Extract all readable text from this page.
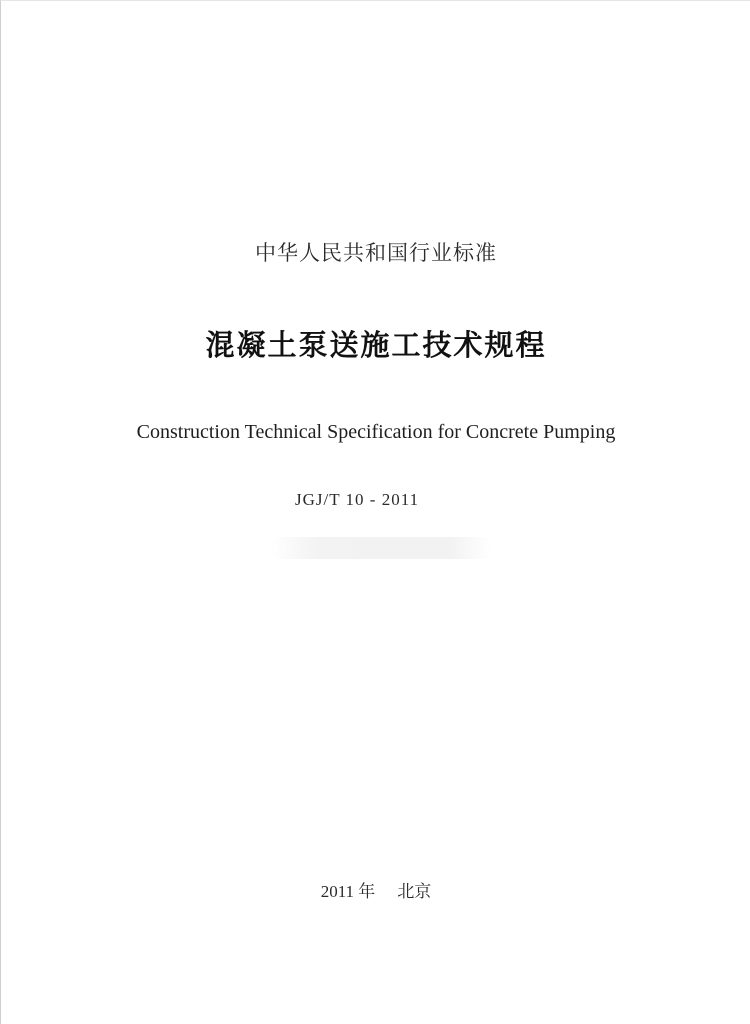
中华人民共和国行业标准
混凝土泵送施工技术规程
Construction Technical Specification for Concrete Pumping
JGJ/T 10 - 2011
2011 年 北京
